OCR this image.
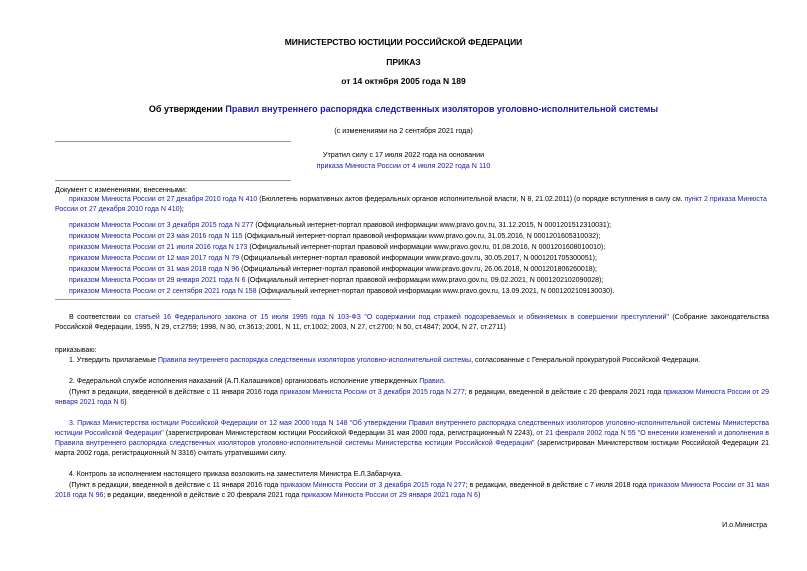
МИНИСТЕРСТВО ЮСТИЦИИ РОССИЙСКОЙ ФЕДЕРАЦИИ
ПРИКАЗ
от 14 октября 2005 года N 189
Об утверждении Правил внутреннего распорядка следственных изоляторов уголовно-исполнительной системы
(с изменениями на 2 сентября 2021 года)
Утратил силу с 17 июля 2022 года на основании
приказа Минюста России от 4 июля 2022 года N 110
Документ с изменениями, внесенными:
приказом Минюста России от 27 декабря 2010 года N 410 (Бюллетень нормативных актов федеральных органов исполнительной власти, N 8, 21.02.2011) (о порядке вступления в силу см. пункт 2 приказа Минюста России от 27 декабря 2010 года N 410);
приказом Минюста России от 3 декабря 2015 года N 277 (Официальный интернет-портал правовой информации www.pravo.gov.ru, 31.12.2015, N 0001201512310031);
приказом Минюста России от 23 мая 2016 года N 115 (Официальный интернет-портал правовой информации www.pravo.gov.ru, 31.05.2016, N 0001201605310032);
приказом Минюста России от 21 июля 2016 года N 173 (Официальный интернет-портал правовой информации www.pravo.gov.ru, 01.08.2016, N 0001201608010010);
приказом Минюста России от 12 мая 2017 года N 79 (Официальный интернет-портал правовой информации www.pravo.gov.ru, 30.05.2017, N 0001201705300051);
приказом Минюста России от 31 мая 2018 года N 96 (Официальный интернет-портал правовой информации www.pravo.gov.ru, 26.06.2018, N 0001201806260018);
приказом Минюста России от 29 января 2021 года N 6 (Официальный интернет-портал правовой информации www.pravo.gov.ru, 09.02.2021, N 0001202102090028);
приказом Минюста России от 2 сентября 2021 года N 158 (Официальный интернет-портал правовой информации www.pravo.gov.ru, 13.09.2021, N 0001202109130030).
В соответствии со статьей 16 Федерального закона от 15 июля 1995 года N 103-ФЗ "О содержании под стражей подозреваемых и обвиняемых в совершении преступлений" (Собрание законодательства Российской Федерации, 1995, N 29, ст.2759; 1998, N 30, ст.3613; 2001, N 11, ст.1002; 2003, N 27, ст.2700; N 50, ст.4847; 2004, N 27, ст.2711)
приказываю:
1. Утвердить прилагаемые Правила внутреннего распорядка следственных изоляторов уголовно-исполнительной системы, согласованные с Генеральной прокуратурой Российской Федерации.
2. Федеральной службе исполнения наказаний (А.П.Калашников) организовать исполнение утвержденных Правил.
(Пункт в редакции, введенной в действие с 11 января 2016 года приказом Минюста России от 3 декабря 2015 года N 277; в редакции, введенной в действие с 20 февраля 2021 года приказом Минюста России от 29 января 2021 года N 6)
3. Приказ Министерства юстиции Российской Федерации от 12 мая 2000 года N 148 "Об утверждении Правил внутреннего распорядка следственных изоляторов уголовно-исполнительной системы Министерства юстиции Российской Федерации" (зарегистрирован Министерством юстиции Российской Федерации 31 мая 2000 года, регистрационный N 2243), от 21 февраля 2002 года N 55 "О внесении изменений и дополнения в Правила внутреннего распорядка следственных изоляторов уголовно-исполнительной системы Министерства юстиции Российской Федерации" (зарегистрирован Министерством юстиции Российской Федерации 21 марта 2002 года, регистрационный N 3316) считать утратившими силу.
4. Контроль за исполнением настоящего приказа возложить на заместителя Министра Е.Л.Забарчука.
(Пункт в редакции, введенной в действие с 11 января 2016 года приказом Минюста России от 3 декабря 2015 года N 277; в редакции, введенной в действие с 7 июля 2018 года приказом Минюста России от 31 мая 2018 года N 96; в редакции, введенной в действие с 20 февраля 2021 года приказом Минюста России от 29 января 2021 года N 6)
И.о.Министра
